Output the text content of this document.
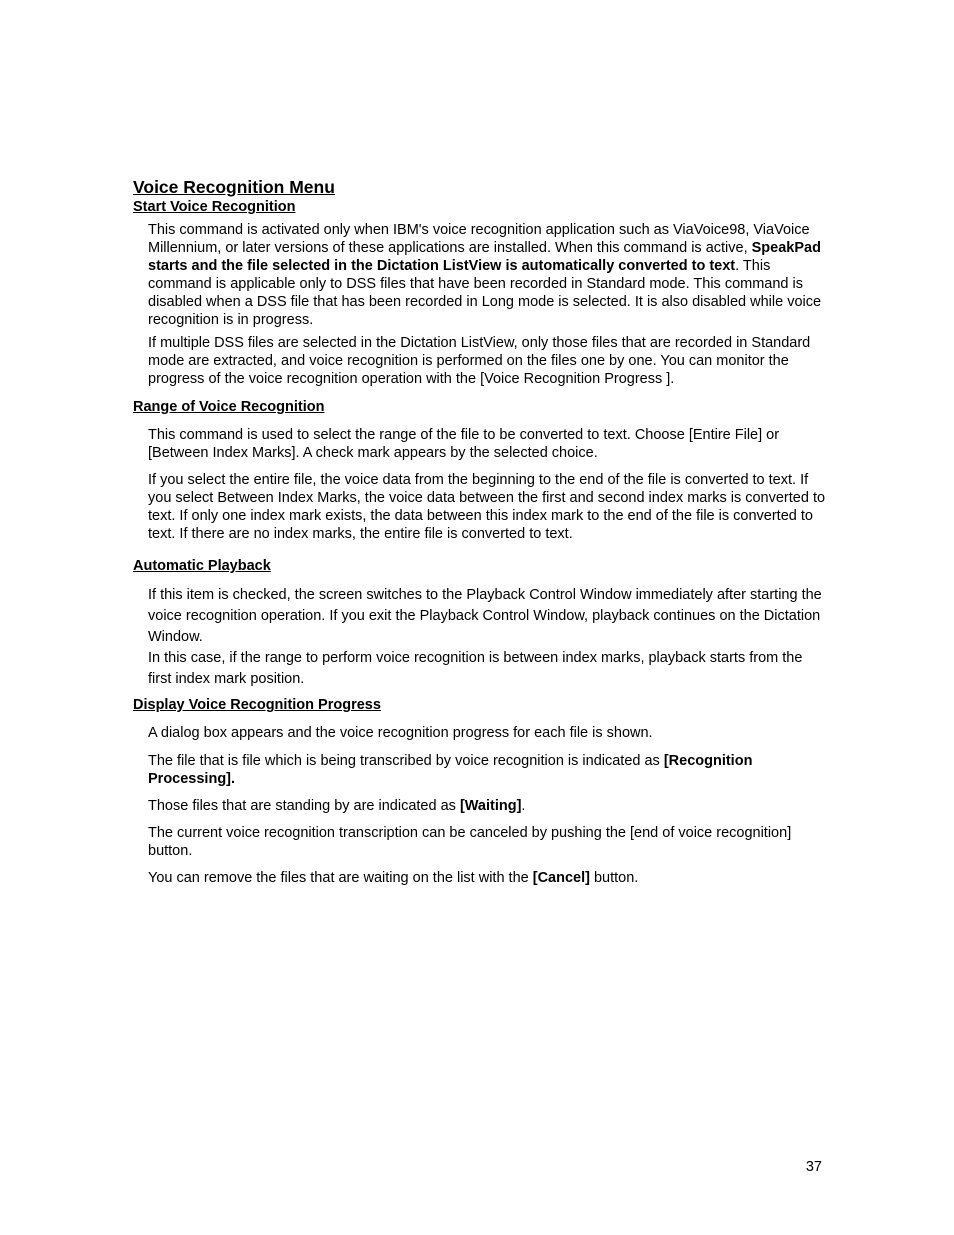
Voice Recognition Menu
Start Voice Recognition

This command is activated only when IBM's voice recognition application such as ViaVoice98, ViaVoice Millennium, or later versions of these applications are installed. When this command is active, SpeakPad starts and the file selected in the Dictation ListView is automatically converted to text. This command is applicable only to DSS files that have been recorded in Standard mode. This command is disabled when a DSS file that has been recorded in Long mode is selected. It is also disabled while voice recognition is in progress.

If multiple DSS files are selected in the Dictation ListView, only those files that are recorded in Standard mode are extracted, and voice recognition is performed on the files one by one. You can monitor the progress of the voice recognition operation with the [Voice Recognition Progress ].

Range of Voice Recognition

This command is used to select the range of the file to be converted to text. Choose [Entire File] or [Between Index Marks]. A check mark appears by the selected choice.

If you select the entire file, the voice data from the beginning to the end of the file is converted to text. If you select Between Index Marks, the voice data between the first and second index marks is converted to text. If only one index mark exists, the data between this index mark to the end of the file is converted to text. If there are no index marks, the entire file is converted to text.

Automatic Playback

If this item is checked, the screen switches to the Playback Control Window immediately after starting the voice recognition operation. If you exit the Playback Control Window, playback continues on the Dictation Window.

In this case, if the range to perform voice recognition is between index marks, playback starts from the first index mark position.

Display Voice Recognition Progress

A dialog box appears and the voice recognition progress for each file is shown.

The file that is file which is being transcribed by voice recognition is indicated as [Recognition Processing].

Those files that are standing by are indicated as [Waiting].

The current voice recognition transcription can be canceled by pushing the [end of voice recognition] button.

You can remove the files that are waiting on the list with the [Cancel] button.

37
